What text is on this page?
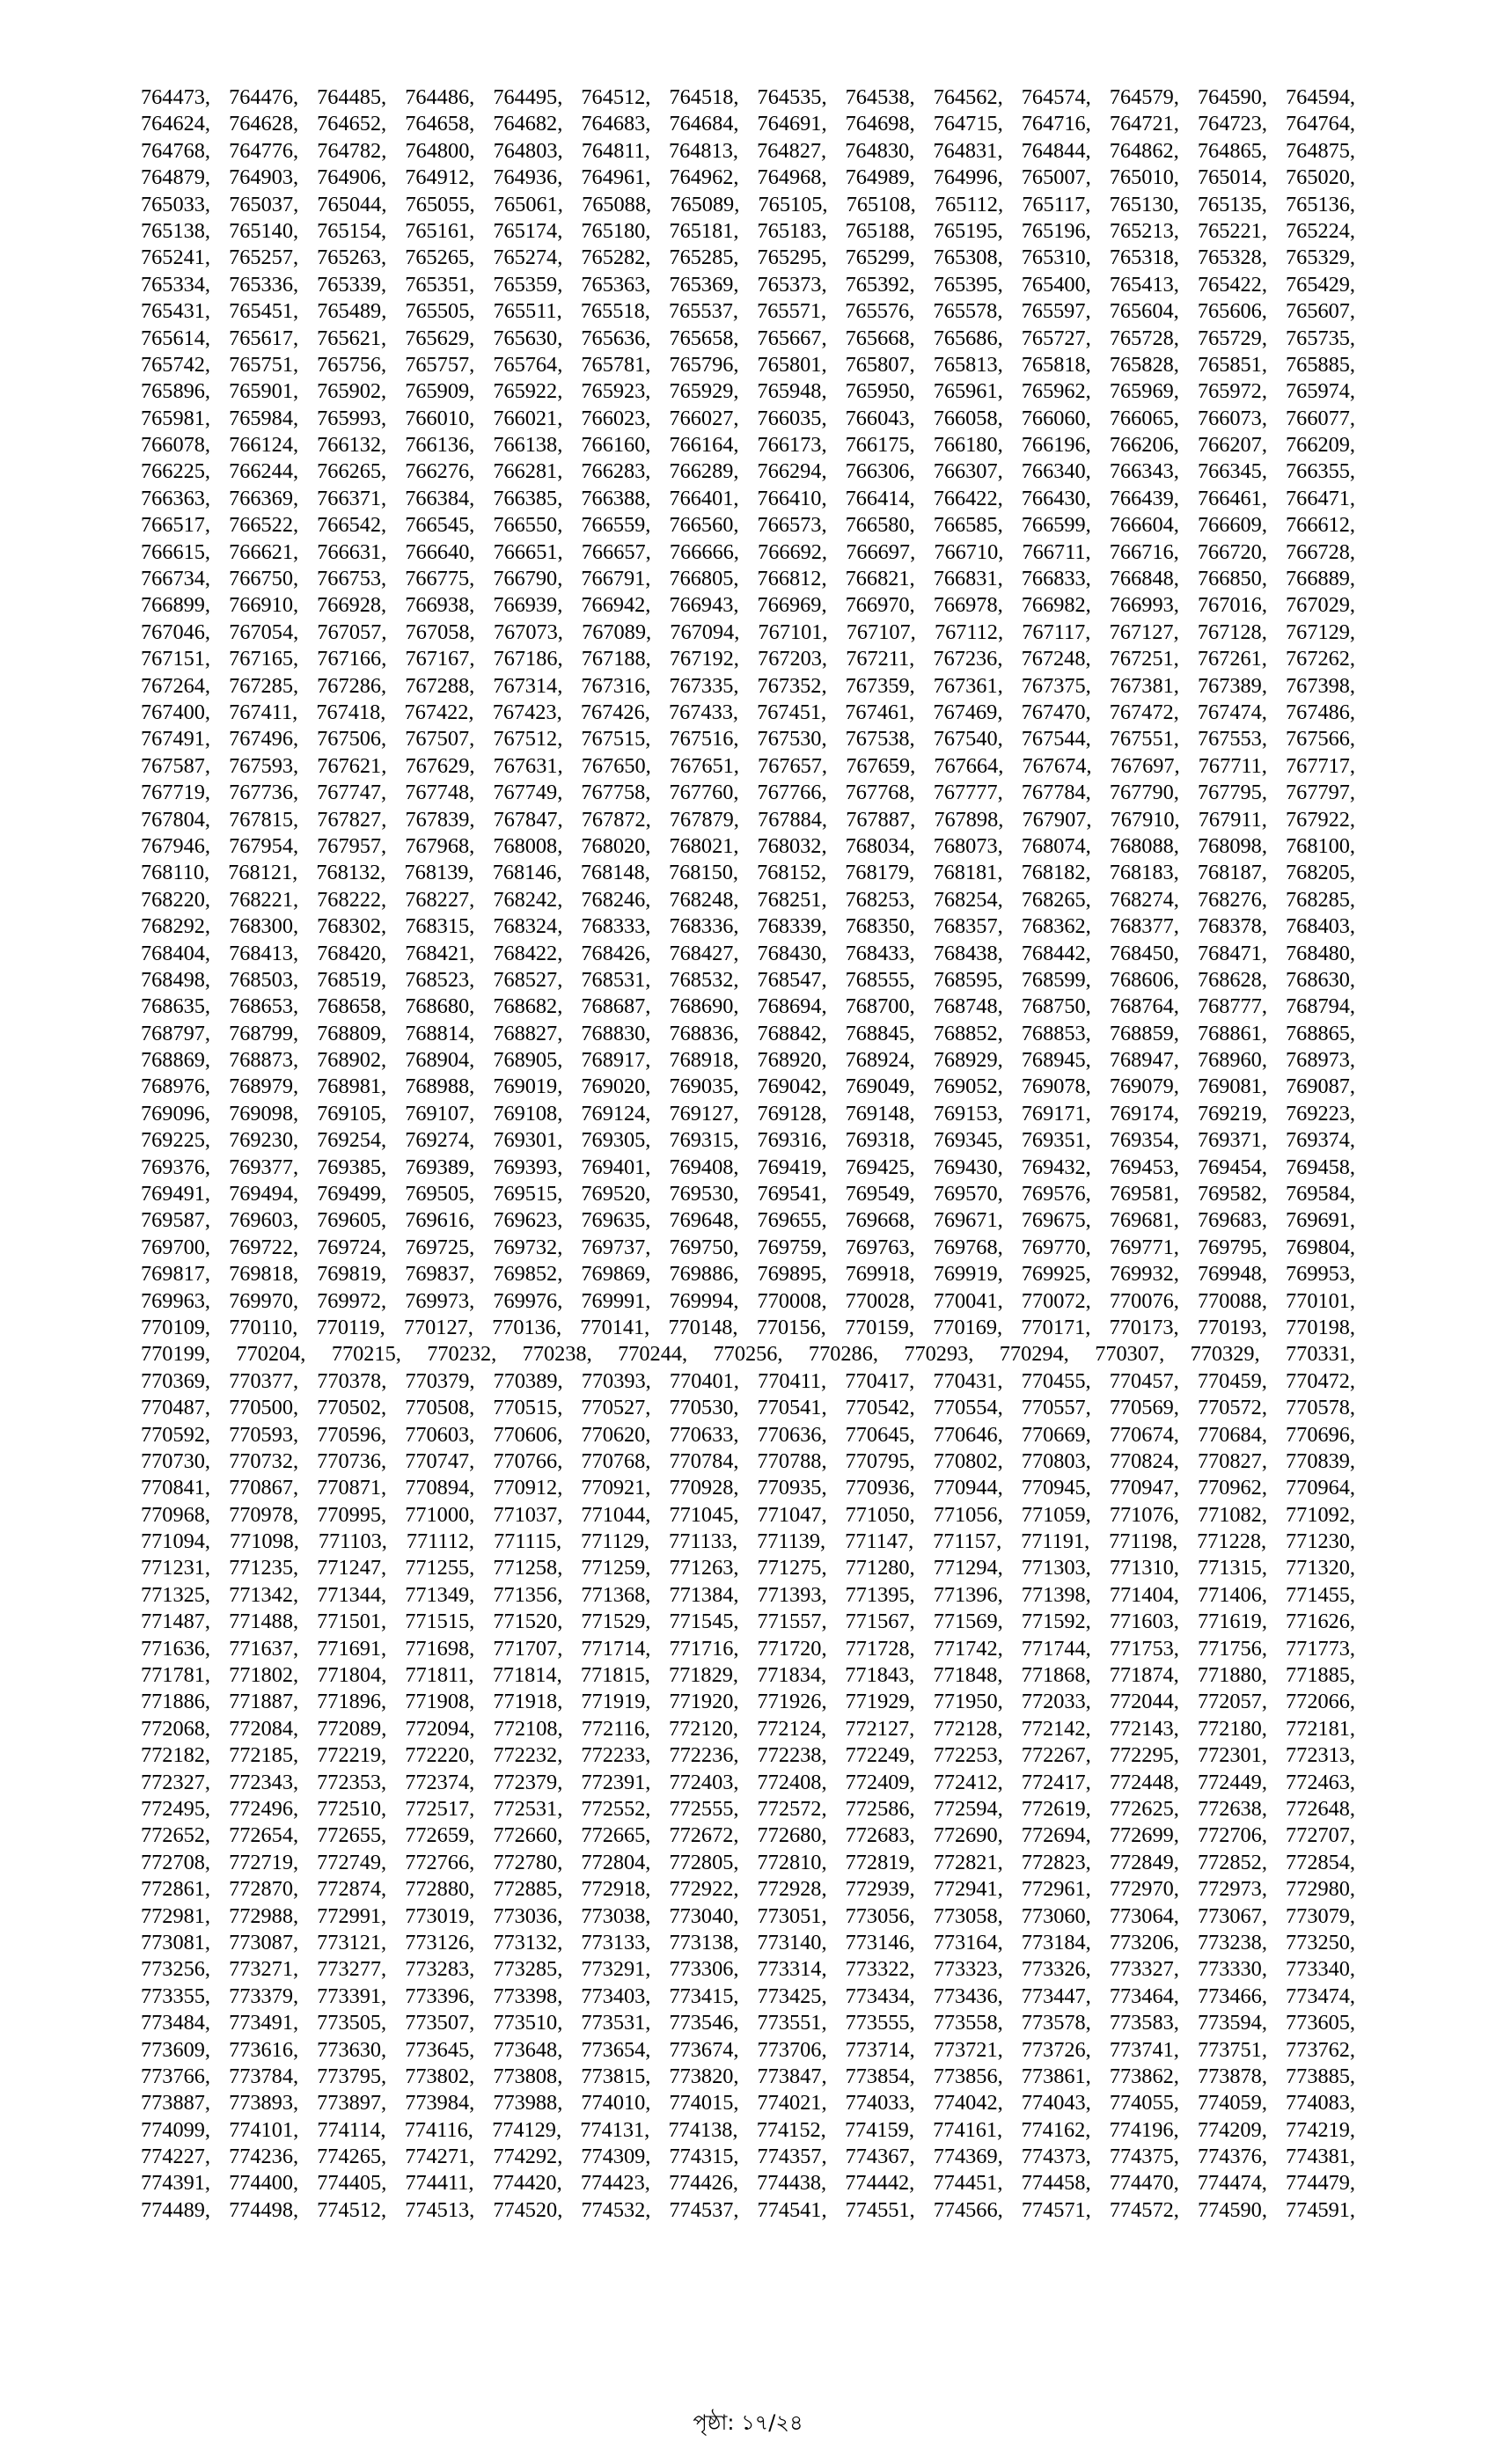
764473, 764476, 764485, 764486, 764495, 764512, 764518, 764535, 764538, 764562, 764574, 764579, 764590, 764594,
764624, 764628, 764652, 764658, 764682, 764683, 764684, 764691, 764698, 764715, 764716, 764721, 764723, 764764,
764768, 764776, 764782, 764800, 764803, 764811, 764813, 764827, 764830, 764831, 764844, 764862, 764865, 764875,
764879, 764903, 764906, 764912, 764936, 764961, 764962, 764968, 764989, 764996, 765007, 765010, 765014, 765020,
765033, 765037, 765044, 765055, 765061, 765088, 765089, 765105, 765108, 765112, 765117, 765130, 765135, 765136,
765138, 765140, 765154, 765161, 765174, 765180, 765181, 765183, 765188, 765195, 765196, 765213, 765221, 765224,
765241, 765257, 765263, 765265, 765274, 765282, 765285, 765295, 765299, 765308, 765310, 765318, 765328, 765329,
765334, 765336, 765339, 765351, 765359, 765363, 765369, 765373, 765392, 765395, 765400, 765413, 765422, 765429,
765431, 765451, 765489, 765505, 765511, 765518, 765537, 765571, 765576, 765578, 765597, 765604, 765606, 765607,
765614, 765617, 765621, 765629, 765630, 765636, 765658, 765667, 765668, 765686, 765727, 765728, 765729, 765735,
765742, 765751, 765756, 765757, 765764, 765781, 765796, 765801, 765807, 765813, 765818, 765828, 765851, 765885,
765896, 765901, 765902, 765909, 765922, 765923, 765929, 765948, 765950, 765961, 765962, 765969, 765972, 765974,
765981, 765984, 765993, 766010, 766021, 766023, 766027, 766035, 766043, 766058, 766060, 766065, 766073, 766077,
766078, 766124, 766132, 766136, 766138, 766160, 766164, 766173, 766175, 766180, 766196, 766206, 766207, 766209,
766225, 766244, 766265, 766276, 766281, 766283, 766289, 766294, 766306, 766307, 766340, 766343, 766345, 766355,
766363, 766369, 766371, 766384, 766385, 766388, 766401, 766410, 766414, 766422, 766430, 766439, 766461, 766471,
766517, 766522, 766542, 766545, 766550, 766559, 766560, 766573, 766580, 766585, 766599, 766604, 766609, 766612,
766615, 766621, 766631, 766640, 766651, 766657, 766666, 766692, 766697, 766710, 766711, 766716, 766720, 766728,
766734, 766750, 766753, 766775, 766790, 766791, 766805, 766812, 766821, 766831, 766833, 766848, 766850, 766889,
766899, 766910, 766928, 766938, 766939, 766942, 766943, 766969, 766970, 766978, 766982, 766993, 767016, 767029,
767046, 767054, 767057, 767058, 767073, 767089, 767094, 767101, 767107, 767112, 767117, 767127, 767128, 767129,
767151, 767165, 767166, 767167, 767186, 767188, 767192, 767203, 767211, 767236, 767248, 767251, 767261, 767262,
767264, 767285, 767286, 767288, 767314, 767316, 767335, 767352, 767359, 767361, 767375, 767381, 767389, 767398,
767400, 767411, 767418, 767422, 767423, 767426, 767433, 767451, 767461, 767469, 767470, 767472, 767474, 767486,
767491, 767496, 767506, 767507, 767512, 767515, 767516, 767530, 767538, 767540, 767544, 767551, 767553, 767566,
767587, 767593, 767621, 767629, 767631, 767650, 767651, 767657, 767659, 767664, 767674, 767697, 767711, 767717,
767719, 767736, 767747, 767748, 767749, 767758, 767760, 767766, 767768, 767777, 767784, 767790, 767795, 767797,
767804, 767815, 767827, 767839, 767847, 767872, 767879, 767884, 767887, 767898, 767907, 767910, 767911, 767922,
767946, 767954, 767957, 767968, 768008, 768020, 768021, 768032, 768034, 768073, 768074, 768088, 768098, 768100,
768110, 768121, 768132, 768139, 768146, 768148, 768150, 768152, 768179, 768181, 768182, 768183, 768187, 768205,
768220, 768221, 768222, 768227, 768242, 768246, 768248, 768251, 768253, 768254, 768265, 768274, 768276, 768285,
768292, 768300, 768302, 768315, 768324, 768333, 768336, 768339, 768350, 768357, 768362, 768377, 768378, 768403,
768404, 768413, 768420, 768421, 768422, 768426, 768427, 768430, 768433, 768438, 768442, 768450, 768471, 768480,
768498, 768503, 768519, 768523, 768527, 768531, 768532, 768547, 768555, 768595, 768599, 768606, 768628, 768630,
768635, 768653, 768658, 768680, 768682, 768687, 768690, 768694, 768700, 768748, 768750, 768764, 768777, 768794,
768797, 768799, 768809, 768814, 768827, 768830, 768836, 768842, 768845, 768852, 768853, 768859, 768861, 768865,
768869, 768873, 768902, 768904, 768905, 768917, 768918, 768920, 768924, 768929, 768945, 768947, 768960, 768973,
768976, 768979, 768981, 768988, 769019, 769020, 769035, 769042, 769049, 769052, 769078, 769079, 769081, 769087,
769096, 769098, 769105, 769107, 769108, 769124, 769127, 769128, 769148, 769153, 769171, 769174, 769219, 769223,
769225, 769230, 769254, 769274, 769301, 769305, 769315, 769316, 769318, 769345, 769351, 769354, 769371, 769374,
769376, 769377, 769385, 769389, 769393, 769401, 769408, 769419, 769425, 769430, 769432, 769453, 769454, 769458,
769491, 769494, 769499, 769505, 769515, 769520, 769530, 769541, 769549, 769570, 769576, 769581, 769582, 769584,
769587, 769603, 769605, 769616, 769623, 769635, 769648, 769655, 769668, 769671, 769675, 769681, 769683, 769691,
769700, 769722, 769724, 769725, 769732, 769737, 769750, 769759, 769763, 769768, 769770, 769771, 769795, 769804,
769817, 769818, 769819, 769837, 769852, 769869, 769886, 769895, 769918, 769919, 769925, 769932, 769948, 769953,
769963, 769970, 769972, 769973, 769976, 769991, 769994, 770008, 770028, 770041, 770072, 770076, 770088, 770101,
770109, 770110, 770119, 770127, 770136, 770141, 770148, 770156, 770159, 770169, 770171, 770173, 770193, 770198,
770199, 770204, 770215, 770232, 770238, 770244, 770256, 770286, 770293, 770294, 770307, 770329, 770331,
770369, 770377, 770378, 770379, 770389, 770393, 770401, 770411, 770417, 770431, 770455, 770457, 770459, 770472,
770487, 770500, 770502, 770508, 770515, 770527, 770530, 770541, 770542, 770554, 770557, 770569, 770572, 770578,
770592, 770593, 770596, 770603, 770606, 770620, 770633, 770636, 770645, 770646, 770669, 770674, 770684, 770696,
770730, 770732, 770736, 770747, 770766, 770768, 770784, 770788, 770795, 770802, 770803, 770824, 770827, 770839,
770841, 770867, 770871, 770894, 770912, 770921, 770928, 770935, 770936, 770944, 770945, 770947, 770962, 770964,
770968, 770978, 770995, 771000, 771037, 771044, 771045, 771047, 771050, 771056, 771059, 771076, 771082, 771092,
771094, 771098, 771103, 771112, 771115, 771129, 771133, 771139, 771147, 771157, 771191, 771198, 771228, 771230,
771231, 771235, 771247, 771255, 771258, 771259, 771263, 771275, 771280, 771294, 771303, 771310, 771315, 771320,
771325, 771342, 771344, 771349, 771356, 771368, 771384, 771393, 771395, 771396, 771398, 771404, 771406, 771455,
771487, 771488, 771501, 771515, 771520, 771529, 771545, 771557, 771567, 771569, 771592, 771603, 771619, 771626,
771636, 771637, 771691, 771698, 771707, 771714, 771716, 771720, 771728, 771742, 771744, 771753, 771756, 771773,
771781, 771802, 771804, 771811, 771814, 771815, 771829, 771834, 771843, 771848, 771868, 771874, 771880, 771885,
771886, 771887, 771896, 771908, 771918, 771919, 771920, 771926, 771929, 771950, 772033, 772044, 772057, 772066,
772068, 772084, 772089, 772094, 772108, 772116, 772120, 772124, 772127, 772128, 772142, 772143, 772180, 772181,
772182, 772185, 772219, 772220, 772232, 772233, 772236, 772238, 772249, 772253, 772267, 772295, 772301, 772313,
772327, 772343, 772353, 772374, 772379, 772391, 772403, 772408, 772409, 772412, 772417, 772448, 772449, 772463,
772495, 772496, 772510, 772517, 772531, 772552, 772555, 772572, 772586, 772594, 772619, 772625, 772638, 772648,
772652, 772654, 772655, 772659, 772660, 772665, 772672, 772680, 772683, 772690, 772694, 772699, 772706, 772707,
772708, 772719, 772749, 772766, 772780, 772804, 772805, 772810, 772819, 772821, 772823, 772849, 772852, 772854,
772861, 772870, 772874, 772880, 772885, 772918, 772922, 772928, 772939, 772941, 772961, 772970, 772973, 772980,
772981, 772988, 772991, 773019, 773036, 773038, 773040, 773051, 773056, 773058, 773060, 773064, 773067, 773079,
773081, 773087, 773121, 773126, 773132, 773133, 773138, 773140, 773146, 773164, 773184, 773206, 773238, 773250,
773256, 773271, 773277, 773283, 773285, 773291, 773306, 773314, 773322, 773323, 773326, 773327, 773330, 773340,
773355, 773379, 773391, 773396, 773398, 773403, 773415, 773425, 773434, 773436, 773447, 773464, 773466, 773474,
773484, 773491, 773505, 773507, 773510, 773531, 773546, 773551, 773555, 773558, 773578, 773583, 773594, 773605,
773609, 773616, 773630, 773645, 773648, 773654, 773674, 773706, 773714, 773721, 773726, 773741, 773751, 773762,
773766, 773784, 773795, 773802, 773808, 773815, 773820, 773847, 773854, 773856, 773861, 773862, 773878, 773885,
773887, 773893, 773897, 773984, 773988, 774010, 774015, 774021, 774033, 774042, 774043, 774055, 774059, 774083,
774099, 774101, 774114, 774116, 774129, 774131, 774138, 774152, 774159, 774161, 774162, 774196, 774209, 774219,
774227, 774236, 774265, 774271, 774292, 774309, 774315, 774357, 774367, 774369, 774373, 774375, 774376, 774381,
774391, 774400, 774405, 774411, 774420, 774423, 774426, 774438, 774442, 774451, 774458, 774470, 774474, 774479,
774489, 774498, 774512, 774513, 774520, 774532, 774537, 774541, 774551, 774566, 774571, 774572, 774590, 774591,
পৃষ্ঠা: ১৭/২৪
